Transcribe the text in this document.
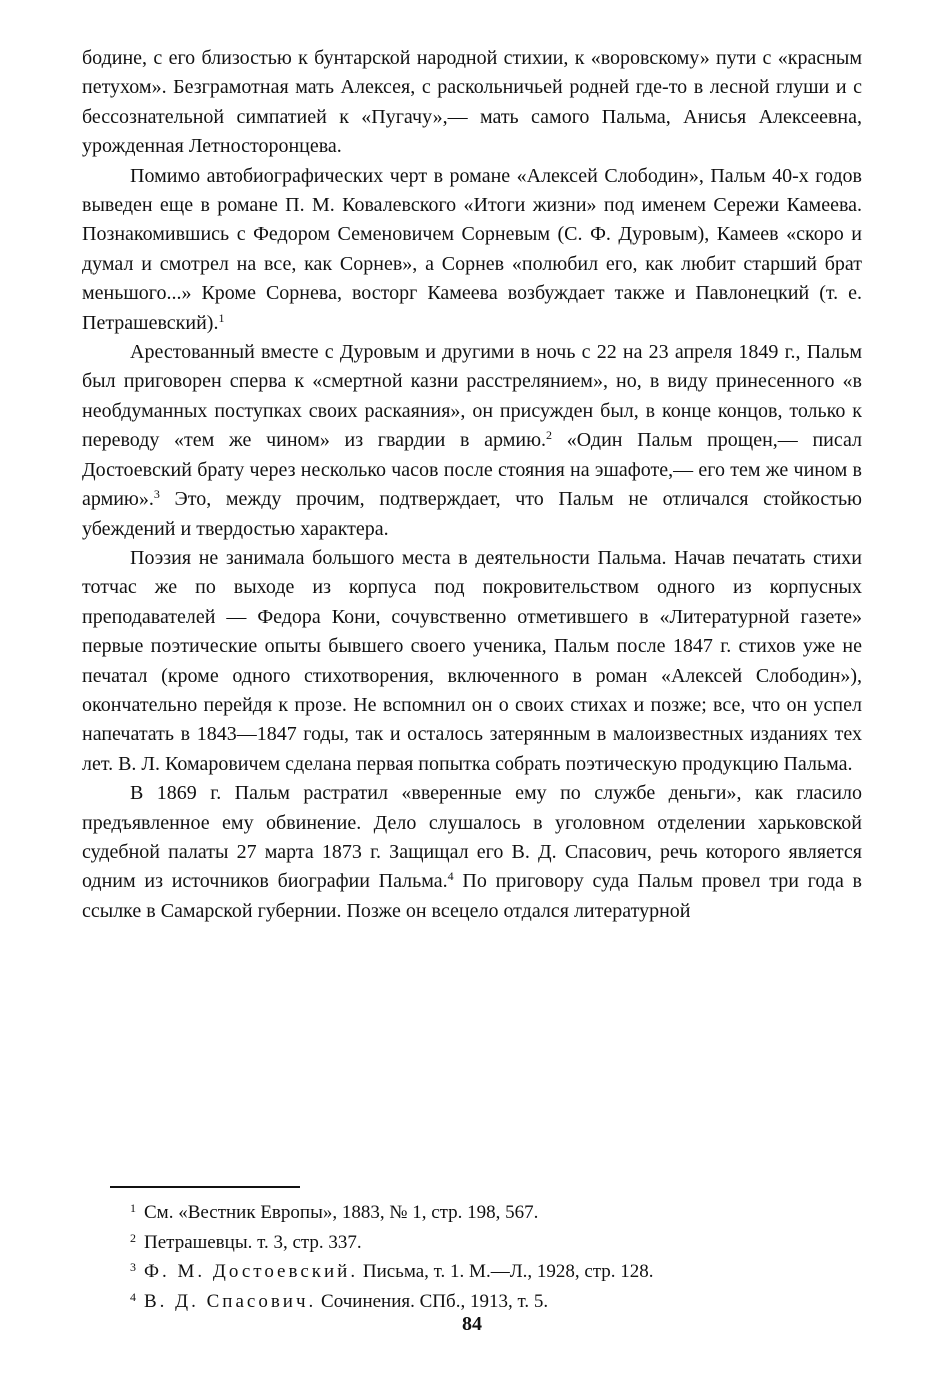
бодине, с его близостью к бунтарской народной стихии, к «воровскому» пути с «красным петухом». Безграмотная мать Алексея, с раскольничьей родней где-то в лесной глуши и с бессознательной симпатией к «Пугачу»,— мать самого Пальма, Анисья Алексеевна, урожденная Летносторонцева.

Помимо автобиографических черт в романе «Алексей Слободин», Пальм 40-х годов выведен еще в романе П. М. Ковалевского «Итоги жизни» под именем Сережи Камеева. Познакомившись с Федором Семеновичем Сорневым (С. Ф. Дуровым), Камеев «скоро и думал и смотрел на все, как Сорнев», а Сорнев «полюбил его, как любит старший брат меньшого...» Кроме Сорнева, восторг Камеева возбуждает также и Павлонецкий (т. е. Петрашевский).$^1$

Арестованный вместе с Дуровым и другими в ночь с 22 на 23 апреля 1849 г., Пальм был приговорен сперва к «смертной казни расстрелянием», но, в виду принесенного «в необдуманных поступках своих раскаяния», он присужден был, в конце концов, только к переводу «тем же чином» из гвардии в армию.$^2$ «Один Пальм прощен,— писал Достоевский брату через несколько часов после стояния на эшафоте,— его тем же чином в армию».$^3$ Это, между прочим, подтверждает, что Пальм не отличался стойкостью убеждений и твердостью характера.

Поэзия не занимала большого места в деятельности Пальма. Начав печатать стихи тотчас же по выходе из корпуса под покровительством одного из корпусных преподавателей — Федора Кони, сочувственно отметившего в «Литературной газете» первые поэтические опыты бывшего своего ученика, Пальм после 1847 г. стихов уже не печатал (кроме одного стихотворения, включенного в роман «Алексей Слободин»), окончательно перейдя к прозе. Не вспомнил он о своих стихах и позже; все, что он успел напечатать в 1843—1847 годы, так и осталось затерянным в малоизвестных изданиях тех лет. В. Л. Комаровичем сделана первая попытка собрать поэтическую продукцию Пальма.

В 1869 г. Пальм растратил «вверенные ему по службе деньги», как гласило предъявленное ему обвинение. Дело слушалось в уголовном отделении харьковской судебной палаты 27 марта 1873 г. Защищал его В. Д. Спасович, речь которого является одним из источников биографии Пальма.$^4$ По приговору суда Пальм провел три года в ссылке в Самарской губернии. Позже он всецело отдался литературной

$^1$ См. «Вестник Европы», 1883, № 1, стр. 198, 567.

$^2$ Петрашевцы. т. 3, стр. 337.

$^3$ Ф. М. Достоевский. Письма, т. 1. М.—Л., 1928, стр. 128.

$^4$ В. Д. Спасович. Сочинения. СПб., 1913, т. 5.

84
